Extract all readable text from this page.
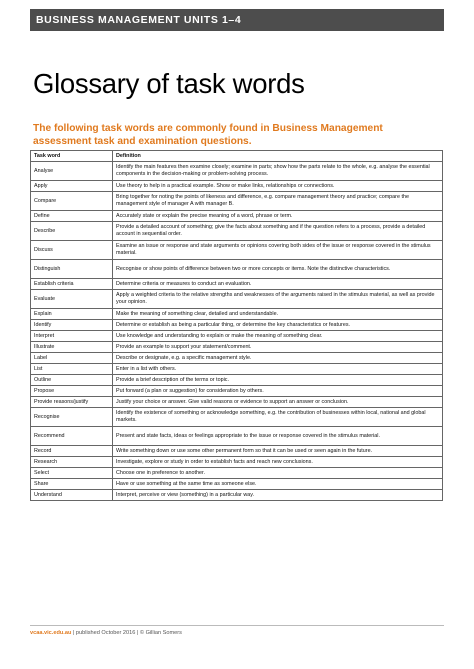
BUSINESS MANAGEMENT UNITS 1–4
Glossary of task words

The following task words are commonly found in Business Management assessment task and examination questions.

Task word	Definition
Analyse	Identify the main features then examine closely; examine in parts; show how the parts relate to the whole, e.g. analyse the essential components in the decision-making or problem-solving process.
Apply	Use theory to help in a practical example. Show or make links, relationships or connections.
Compare	Bring together for noting the points of likeness and difference, e.g. compare management theory and practice; compare the management style of manager A with manager B.
Define	Accurately state or explain the precise meaning of a word, phrase or term.
Describe	Provide a detailed account of something; give the facts about something and if the question refers to a process, provide a detailed account in sequential order.
Discuss	Examine an issue or response and state arguments or opinions covering both sides of the issue or response covered in the stimulus material.
Distinguish	Recognise or show points of difference between two or more concepts or items. Note the distinctive characteristics.
Establish criteria	Determine criteria or measures to conduct an evaluation.
Evaluate	Apply a weighted criteria to the relative strengths and weaknesses of the arguments raised in the stimulus material, as well as provide your opinion.
Explain	Make the meaning of something clear, detailed and understandable.
Identify	Determine or establish as being a particular thing, or determine the key characteristics or features.
Interpret	Use knowledge and understanding to explain or make the meaning of something clear.
Illustrate	Provide an example to support your statement/comment.
Label	Describe or designate, e.g. a specific management style.
List	Enter in a list with others.
Outline	Provide a brief description of the terms or topic.
Propose	Put forward (a plan or suggestion) for consideration by others.
Provide reasons/justify	Justify your choice or answer. Give valid reasons or evidence to support an answer or conclusion.
Recognise	Identify the existence of something or acknowledge something, e.g. the contribution of businesses within local, national and global markets.
Recommend	Present and state facts, ideas or feelings appropriate to the issue or response covered in the stimulus material.
Record	Write something down or use some other permanent form so that it can be used or seen again in the future.
Research	Investigate, explore or study in order to establish facts and reach new conclusions.
Select	Choose one in preference to another.
Share	Have or use something at the same time as someone else.
Understand	Interpret, perceive or view (something) in a particular way.
vcaa.vic.edu.au | published October 2016 | © Gillian Somers
